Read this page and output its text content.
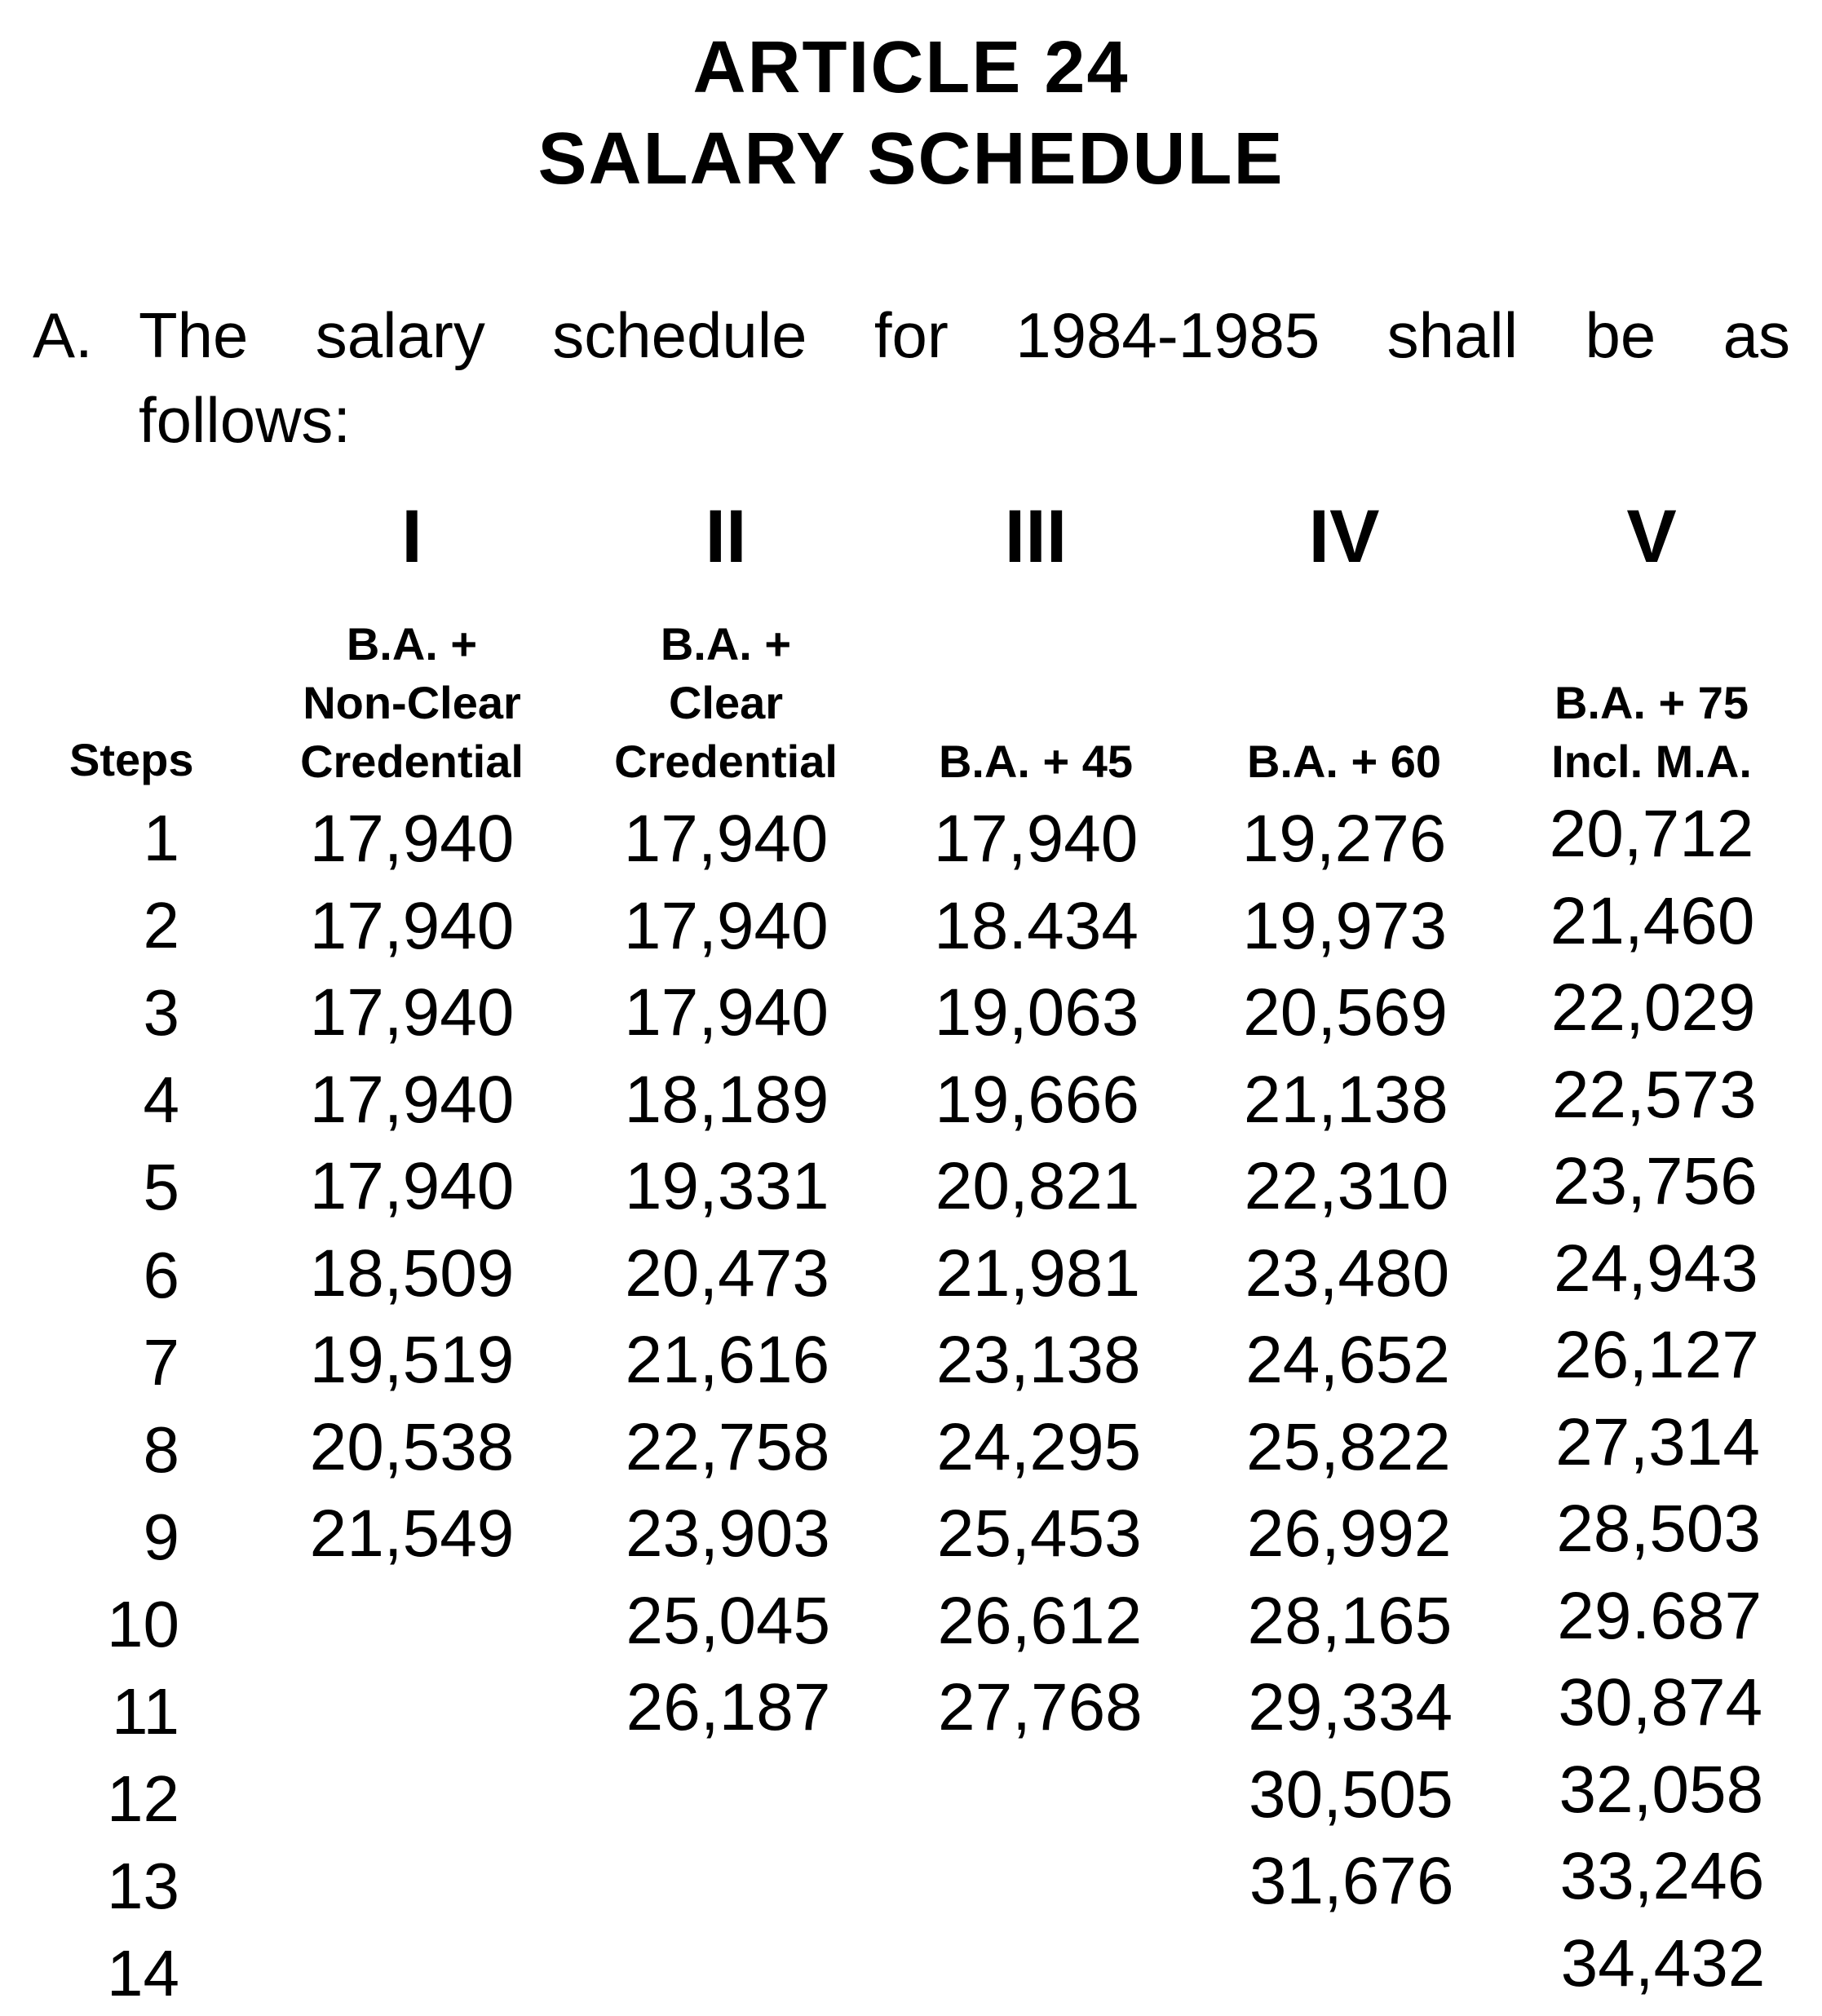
ARTICLE 24
SALARY SCHEDULE
A. The salary schedule for 1984-1985 shall be as
follows:
Steps
I
B.A. +
Non-Clear
Credential
II
B.A. +
Clear
Credential
III
B.A. + 45
IV
B.A. + 60
V
B.A. + 75
Incl. M.A.
1
2
3
4
5
6
7
8
9
10
11
12
13
14
17,940
17,940
17,940
17,940
17,940
18,509
19,519
20,538
21,549
17,940
17,940
17,940
18,189
19,331
20,473
21,616
22,758
23,903
25,045
26,187
17,940
18.434
19,063
19,666
20,821
21,981
23,138
24,295
25,453
26,612
27,768
19,276
19,973
20,569
21,138
22,310
23,480
24,652
25,822
26,992
28,165
29,334
30,505
31,676
20,712
21,460
22,029
22,573
23,756
24,943
26,127
27,314
28,503
29.687
30,874
32,058
33,246
34,432
